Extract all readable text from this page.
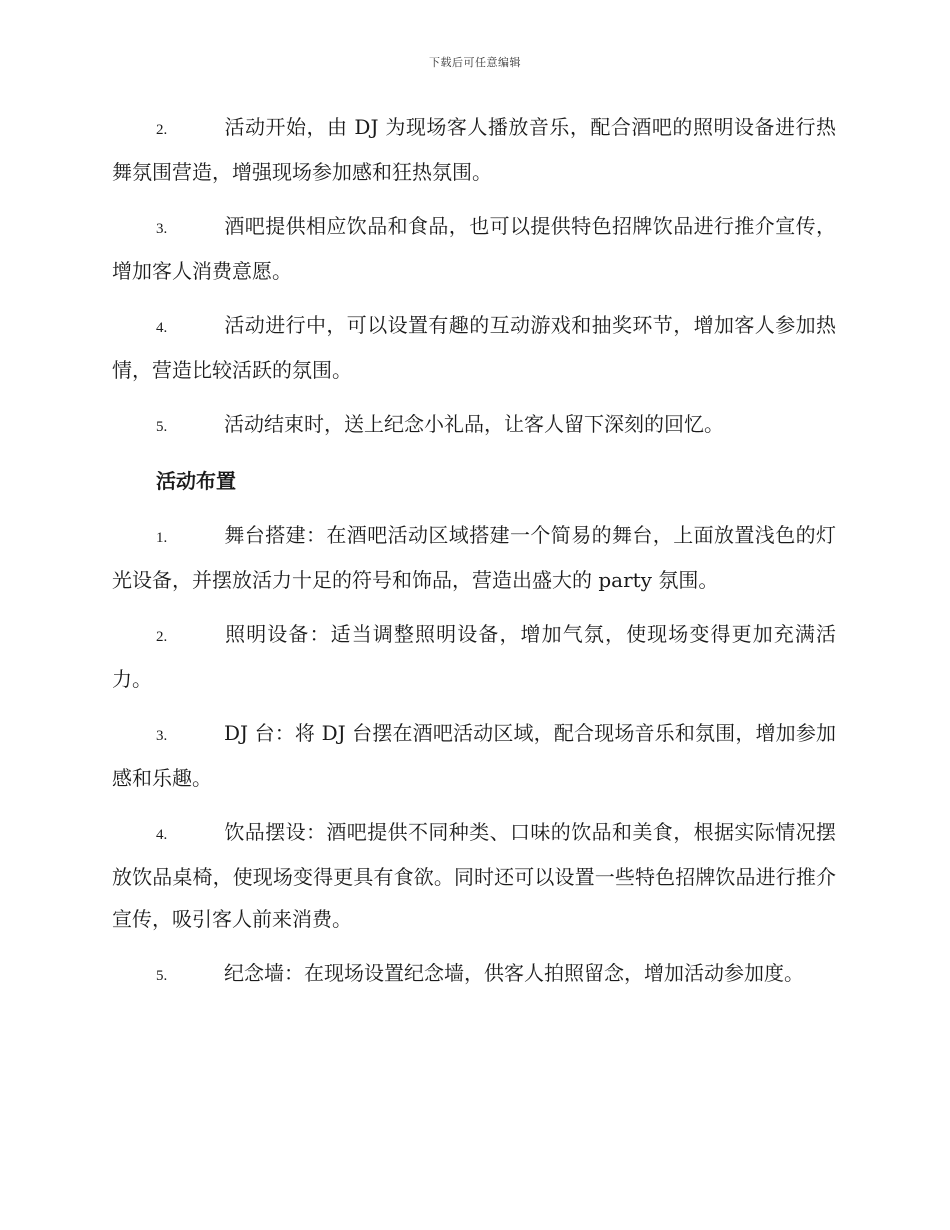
下载后可任意编辑

2.	活动开始，由 DJ 为现场客人播放音乐，配合酒吧的照明设备进行热舞氛围营造，增强现场参加感和狂热氛围。

3.	酒吧提供相应饮品和食品，也可以提供特色招牌饮品进行推介宣传，增加客人消费意愿。

4.	活动进行中，可以设置有趣的互动游戏和抽奖环节，增加客人参加热情，营造比较活跃的氛围。

5.	活动结束时，送上纪念小礼品，让客人留下深刻的回忆。

活动布置

1.	舞台搭建：在酒吧活动区域搭建一个简易的舞台，上面放置浅色的灯光设备，并摆放活力十足的符号和饰品，营造出盛大的 party 氛围。

2.	照明设备：适当调整照明设备，增加气氛，使现场变得更加充满活力。

3.	DJ 台：将 DJ 台摆在酒吧活动区域，配合现场音乐和氛围，增加参加感和乐趣。

4.	饮品摆设：酒吧提供不同种类、口味的饮品和美食，根据实际情况摆放饮品桌椅，使现场变得更具有食欲。同时还可以设置一些特色招牌饮品进行推介宣传，吸引客人前来消费。

5.	纪念墙：在现场设置纪念墙，供客人拍照留念，增加活动参加度。
